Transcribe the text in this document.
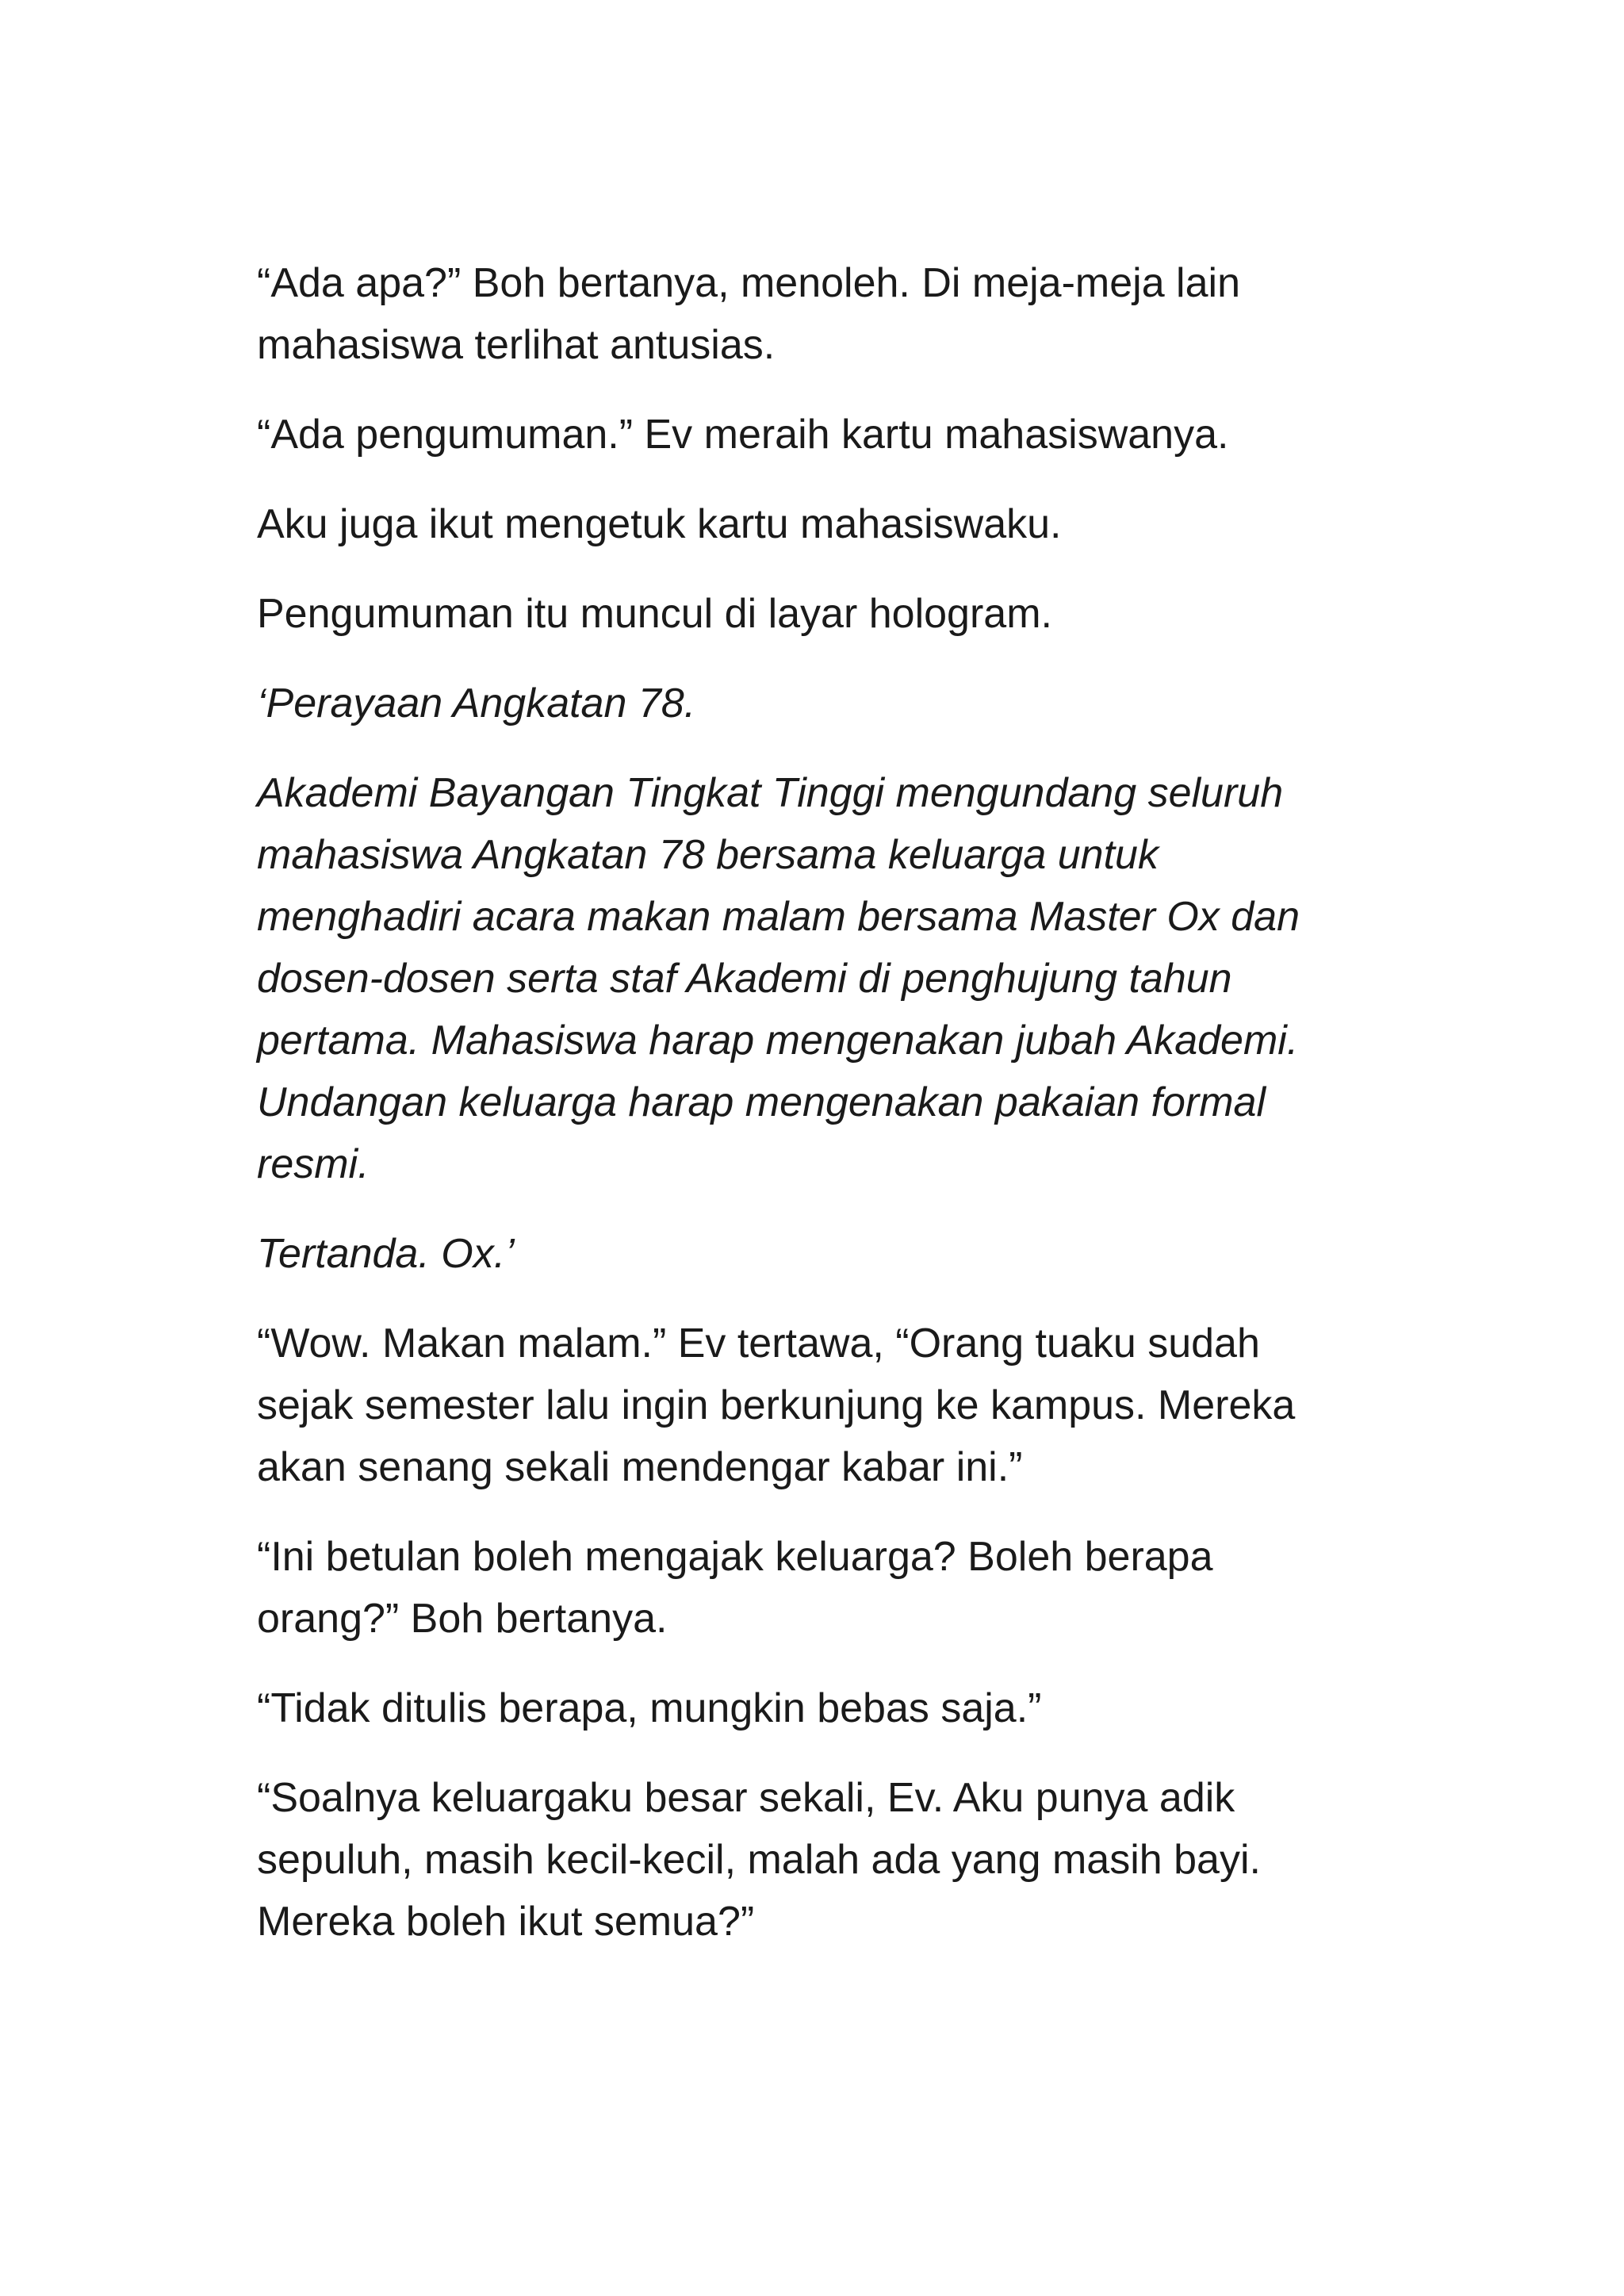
“Ada apa?” Boh bertanya, menoleh. Di meja-meja lain
mahasiswa terlihat antusias.

“Ada pengumuman.” Ev meraih kartu mahasiswanya.

Aku juga ikut mengetuk kartu mahasiswaku.

Pengumuman itu muncul di layar hologram.

‘Perayaan Angkatan 78.

Akademi Bayangan Tingkat Tinggi mengundang seluruh
mahasiswa Angkatan 78 bersama keluarga untuk
menghadiri acara makan malam bersama Master Ox dan
dosen-dosen serta staf Akademi di penghujung tahun
pertama. Mahasiswa harap mengenakan jubah Akademi.
Undangan keluarga harap mengenakan pakaian formal
resmi.

Tertanda. Ox.’

“Wow. Makan malam.” Ev tertawa, “Orang tuaku sudah
sejak semester lalu ingin berkunjung ke kampus. Mereka
akan senang sekali mendengar kabar ini.”

“Ini betulan boleh mengajak keluarga? Boleh berapa
orang?” Boh bertanya.

“Tidak ditulis berapa, mungkin bebas saja.”

“Soalnya keluargaku besar sekali, Ev. Aku punya adik
sepuluh, masih kecil-kecil, malah ada yang masih bayi.
Mereka boleh ikut semua?”
